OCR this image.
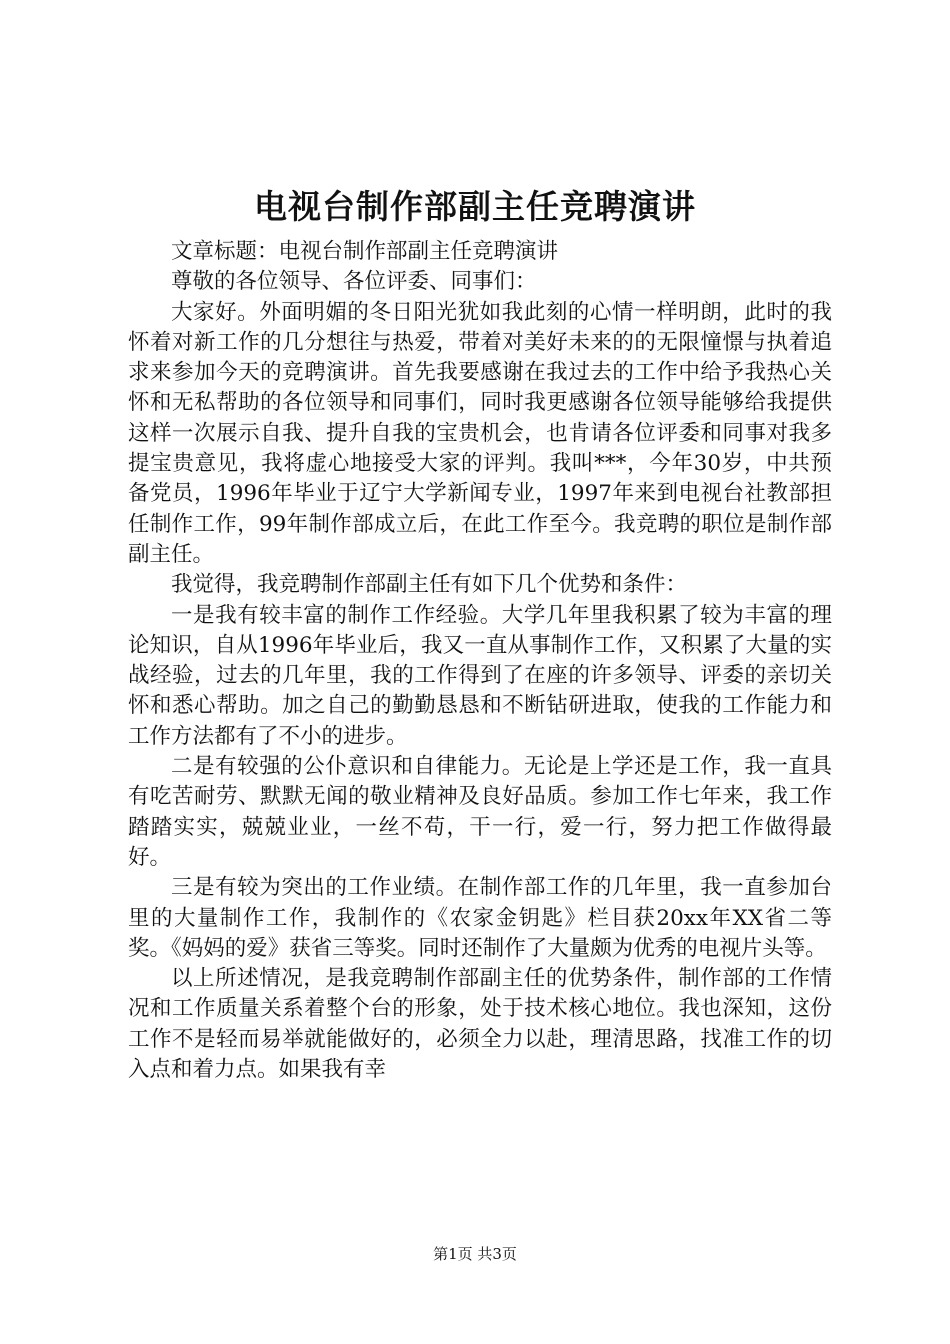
电视台制作部副主任竞聘演讲

文章标题：电视台制作部副主任竞聘演讲

尊敬的各位领导、各位评委、同事们：

大家好。外面明媚的冬日阳光犹如我此刻的心情一样明朗，此时的我怀着对新工作的几分想往与热爱，带着对美好未来的的无限憧憬与执着追求来参加今天的竞聘演讲。首先我要感谢在我过去的工作中给予我热心关怀和无私帮助的各位领导和同事们，同时我更感谢各位领导能够给我提供这样一次展示自我、提升自我的宝贵机会，也肯请各位评委和同事对我多提宝贵意见，我将虚心地接受大家的评判。我叫***，今年30岁，中共预备党员，1996年毕业于辽宁大学新闻专业，1997年来到电视台社教部担任制作工作，99年制作部成立后，在此工作至今。我竞聘的职位是制作部副主任。

我觉得，我竞聘制作部副主任有如下几个优势和条件：

一是我有较丰富的制作工作经验。大学几年里我积累了较为丰富的理论知识，自从1996年毕业后，我又一直从事制作工作，又积累了大量的实战经验，过去的几年里，我的工作得到了在座的许多领导、评委的亲切关怀和悉心帮助。加之自己的勤勤恳恳和不断钻研进取，使我的工作能力和工作方法都有了不小的进步。

二是有较强的公仆意识和自律能力。无论是上学还是工作，我一直具有吃苦耐劳、默默无闻的敬业精神及良好品质。参加工作七年来，我工作踏踏实实，兢兢业业，一丝不苟，干一行，爱一行，努力把工作做得最好。

三是有较为突出的工作业绩。在制作部工作的几年里，我一直参加台里的大量制作工作，我制作的《农家金钥匙》栏目获20xx年XX省二等奖。《妈妈的爱》获省三等奖。同时还制作了大量颇为优秀的电视片头等。

以上所述情况，是我竞聘制作部副主任的优势条件，制作部的工作情况和工作质量关系着整个台的形象，处于技术核心地位。我也深知，这份工作不是轻而易举就能做好的，必须全力以赴，理清思路，找准工作的切入点和着力点。如果我有幸

第1页 共3页
